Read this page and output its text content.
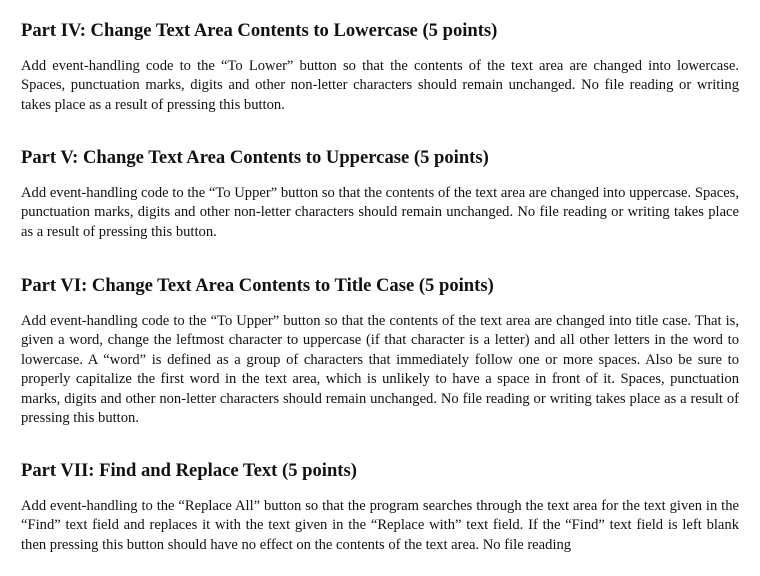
Part IV: Change Text Area Contents to Lowercase (5 points)

Add event-handling code to the “To Lower” button so that the contents of the text area are changed into lowercase. Spaces, punctuation marks, digits and other non-letter characters should remain unchanged. No file reading or writing takes place as a result of pressing this button.

Part V: Change Text Area Contents to Uppercase (5 points)

Add event-handling code to the “To Upper” button so that the contents of the text area are changed into uppercase. Spaces, punctuation marks, digits and other non-letter characters should remain unchanged. No file reading or writing takes place as a result of pressing this button.

Part VI: Change Text Area Contents to Title Case (5 points)

Add event-handling code to the “To Upper” button so that the contents of the text area are changed into title case. That is, given a word, change the leftmost character to uppercase (if that character is a letter) and all other letters in the word to lowercase. A “word” is defined as a group of characters that immediately follow one or more spaces. Also be sure to properly capitalize the first word in the text area, which is unlikely to have a space in front of it. Spaces, punctuation marks, digits and other non-letter characters should remain unchanged. No file reading or writing takes place as a result of pressing this button.

Part VII: Find and Replace Text (5 points)

Add event-handling to the “Replace All” button so that the program searches through the text area for the text given in the “Find” text field and replaces it with the text given in the “Replace with” text field. If the “Find” text field is left blank then pressing this button should have no effect on the contents of the text area. No file reading
